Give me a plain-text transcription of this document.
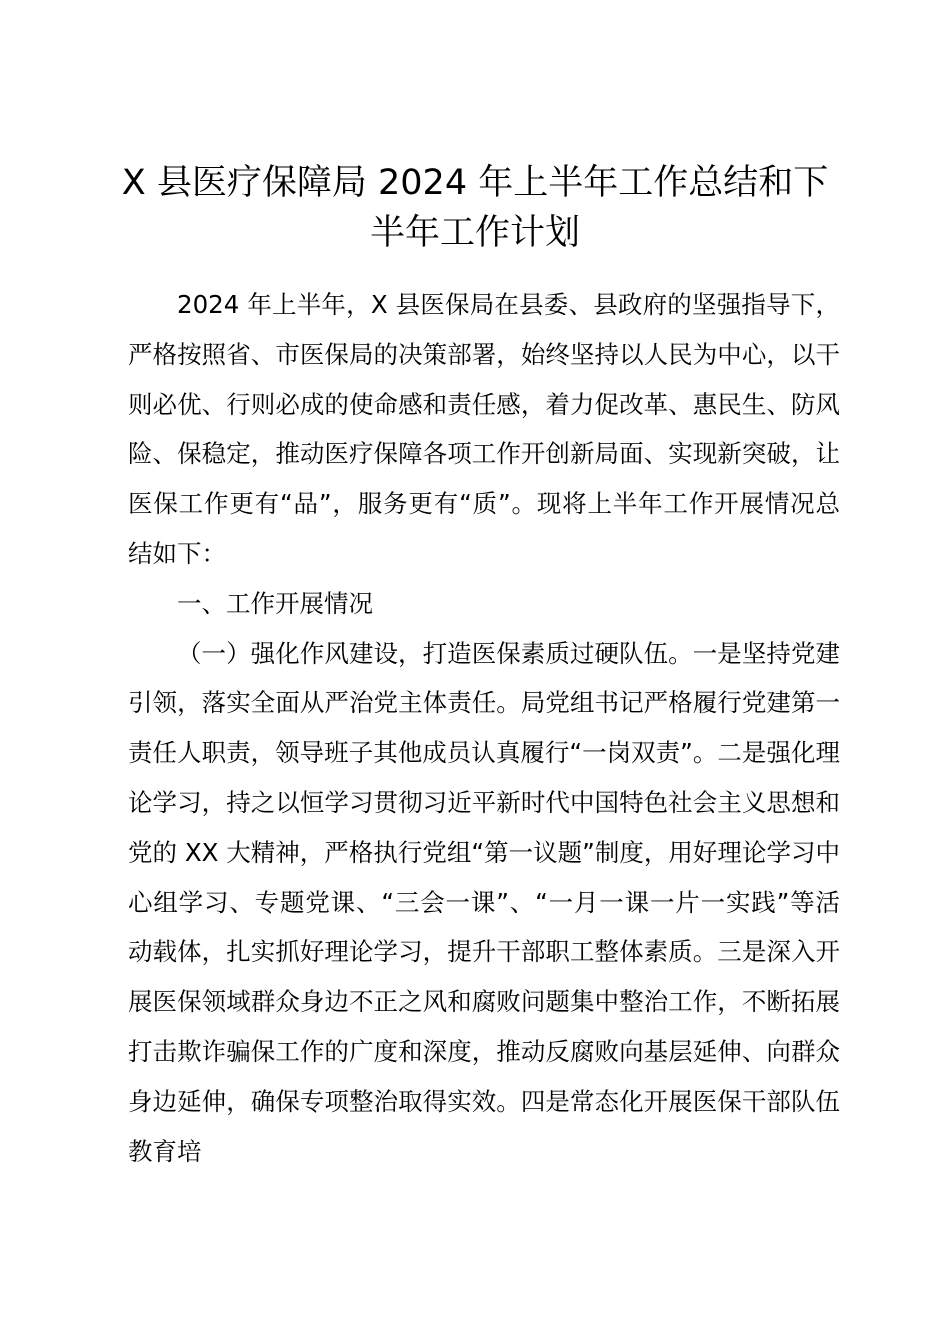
X 县医疗保障局 2024 年上半年工作总结和下
半年工作计划

2024 年上半年，X 县医保局在县委、县政府的坚强指导下，严格按照省、市医保局的决策部署，始终坚持以人民为中心，以干则必优、行则必成的使命感和责任感，着力促改革、惠民生、防风险、保稳定，推动医疗保障各项工作开创新局面、实现新突破，让医保工作更有“品”，服务更有“质”。现将上半年工作开展情况总结如下：

一、工作开展情况

（一）强化作风建设，打造医保素质过硬队伍。一是坚持党建引领，落实全面从严治党主体责任。局党组书记严格履行党建第一责任人职责，领导班子其他成员认真履行“一岗双责”。二是强化理论学习，持之以恒学习贯彻习近平新时代中国特色社会主义思想和党的 XX 大精神，严格执行党组“第一议题”制度，用好理论学习中心组学习、专题党课、“三会一课”、“一月一课一片一实践”等活动载体，扎实抓好理论学习，提升干部职工整体素质。三是深入开展医保领域群众身边不正之风和腐败问题集中整治工作，不断拓展打击欺诈骗保工作的广度和深度，推动反腐败向基层延伸、向群众身边延伸，确保专项整治取得实效。四是常态化开展医保干部队伍教育培
